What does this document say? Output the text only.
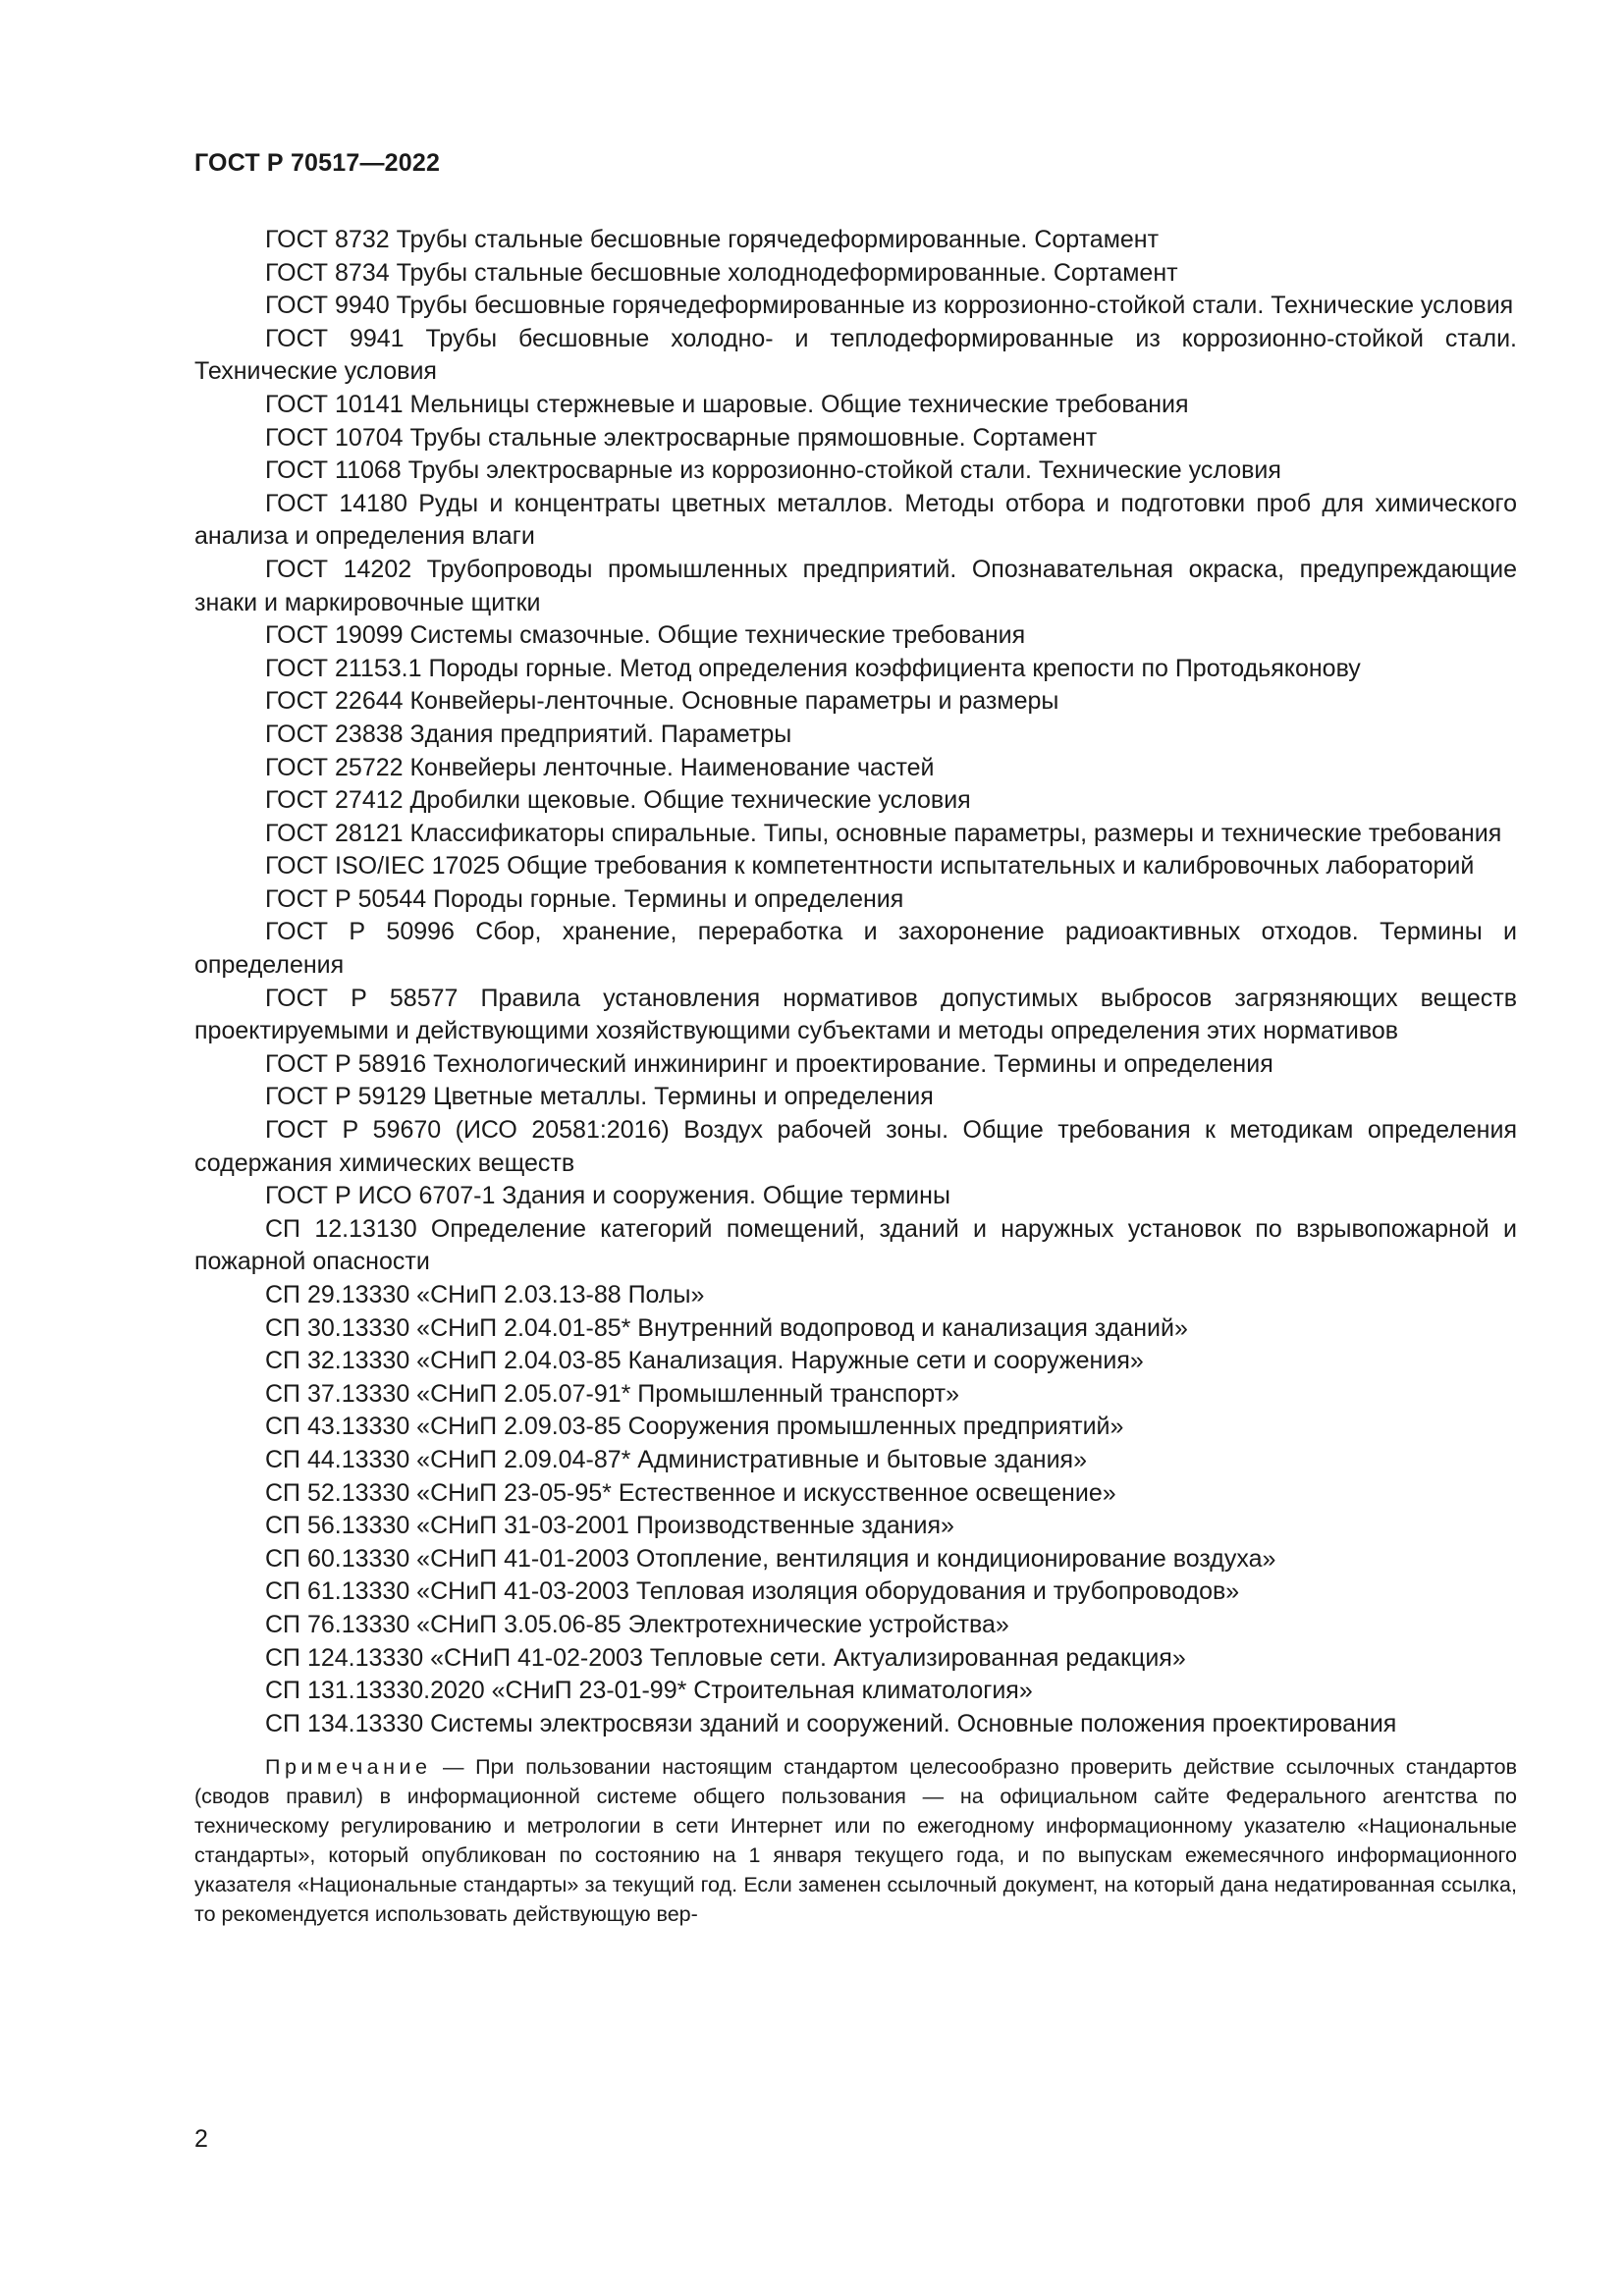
ГОСТ Р 70517—2022

ГОСТ 8732 Трубы стальные бесшовные горячедеформированные. Сортамент

ГОСТ 8734 Трубы стальные бесшовные холоднодеформированные. Сортамент

ГОСТ 9940 Трубы бесшовные горячедеформированные из коррозионно-стойкой стали. Технические условия

ГОСТ 9941 Трубы бесшовные холодно- и теплодеформированные из коррозионно-стойкой стали. Технические условия

ГОСТ 10141 Мельницы стержневые и шаровые. Общие технические требования

ГОСТ 10704 Трубы стальные электросварные прямошовные. Сортамент

ГОСТ 11068 Трубы электросварные из коррозионно-стойкой стали. Технические условия

ГОСТ 14180 Руды и концентраты цветных металлов. Методы отбора и подготовки проб для химического анализа и определения влаги

ГОСТ 14202 Трубопроводы промышленных предприятий. Опознавательная окраска, предупреждающие знаки и маркировочные щитки

ГОСТ 19099 Системы смазочные. Общие технические требования

ГОСТ 21153.1 Породы горные. Метод определения коэффициента крепости по Протодьяконову

ГОСТ 22644 Конвейеры-ленточные. Основные параметры и размеры

ГОСТ 23838 Здания предприятий. Параметры

ГОСТ 25722 Конвейеры ленточные. Наименование частей

ГОСТ 27412 Дробилки щековые. Общие технические условия

ГОСТ 28121 Классификаторы спиральные. Типы, основные параметры, размеры и технические требования

ГОСТ ISO/IEC 17025 Общие требования к компетентности испытательных и калибровочных лабораторий

ГОСТ Р 50544 Породы горные. Термины и определения

ГОСТ Р 50996 Сбор, хранение, переработка и захоронение радиоактивных отходов. Термины и определения

ГОСТ Р 58577 Правила установления нормативов допустимых выбросов загрязняющих веществ проектируемыми и действующими хозяйствующими субъектами и методы определения этих нормативов

ГОСТ Р 58916 Технологический инжиниринг и проектирование. Термины и определения

ГОСТ Р 59129 Цветные металлы. Термины и определения

ГОСТ Р 59670 (ИСО 20581:2016) Воздух рабочей зоны. Общие требования к методикам определения содержания химических веществ

ГОСТ Р ИСО 6707-1 Здания и сооружения. Общие термины

СП 12.13130 Определение категорий помещений, зданий и наружных установок по взрывопожарной и пожарной опасности

СП 29.13330 «СНиП 2.03.13-88 Полы»

СП 30.13330 «СНиП 2.04.01-85* Внутренний водопровод и канализация зданий»

СП 32.13330 «СНиП 2.04.03-85 Канализация. Наружные сети и сооружения»

СП 37.13330 «СНиП 2.05.07-91* Промышленный транспорт»

СП 43.13330 «СНиП 2.09.03-85 Сооружения промышленных предприятий»

СП 44.13330 «СНиП 2.09.04-87* Административные и бытовые здания»

СП 52.13330 «СНиП 23-05-95* Естественное и искусственное освещение»

СП 56.13330 «СНиП 31-03-2001 Производственные здания»

СП 60.13330 «СНиП 41-01-2003 Отопление, вентиляция и кондиционирование воздуха»

СП 61.13330 «СНиП 41-03-2003 Тепловая изоляция оборудования и трубопроводов»

СП 76.13330 «СНиП 3.05.06-85 Электротехнические устройства»

СП 124.13330 «СНиП 41-02-2003 Тепловые сети. Актуализированная редакция»

СП 131.13330.2020 «СНиП 23-01-99* Строительная климатология»

СП 134.13330 Системы электросвязи зданий и сооружений. Основные положения проектирования

Примечание — При пользовании настоящим стандартом целесообразно проверить действие ссылочных стандартов (сводов правил) в информационной системе общего пользования — на официальном сайте Федерального агентства по техническому регулированию и метрологии в сети Интернет или по ежегодному информационному указателю «Национальные стандарты», который опубликован по состоянию на 1 января текущего года, и по выпускам ежемесячного информационного указателя «Национальные стандарты» за текущий год. Если заменен ссылочный документ, на который дана недатированная ссылка, то рекомендуется использовать действующую вер-

2
